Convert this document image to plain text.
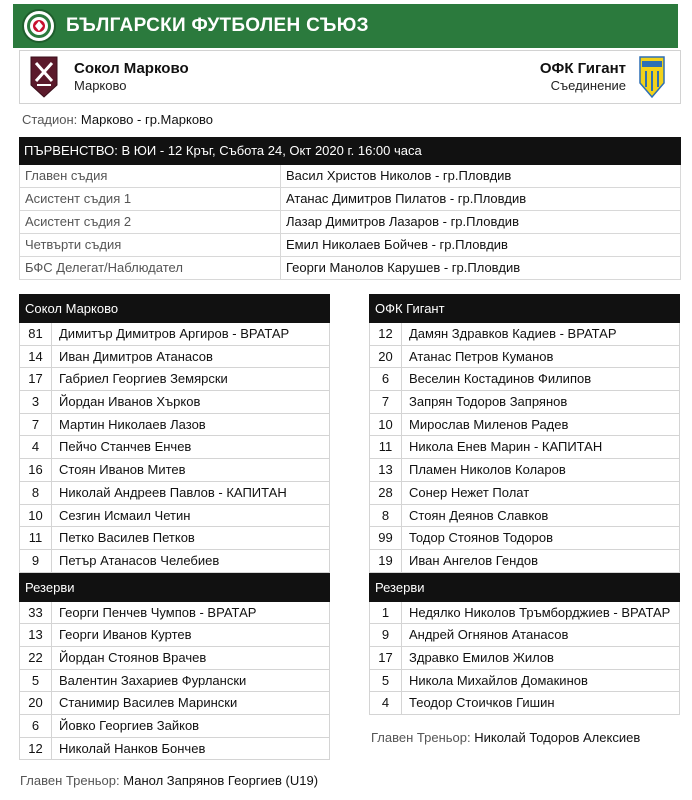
БЪЛГАРСКИ ФУТБОЛЕН СЪЮЗ
Сокол Марково
Марково
ОФК Гигант
Съединение
Стадион: Марково - гр.Марково
ПЪРВЕНСТВО: В ЮИ - 12 Кръг, Събота 24, Окт 2020 г. 16:00 часа
Главен съдия	Васил Христов Николов - гр.Пловдив
Асистент съдия 1	Атанас Димитров Пилатов - гр.Пловдив
Асистент съдия 2	Лазар Димитров Лазаров - гр.Пловдив
Четвърти съдия	Емил Николаев Бойчев - гр.Пловдив
БФС Делегат/Наблюдател	Георги Манолов Карушев - гр.Пловдив
Сокол Марково
81	Димитър Димитров Аргиров - ВРАТАР
14	Иван Димитров Атанасов
17	Габриел Георгиев Земярски
3	Йордан Иванов Хърков
7	Мартин Николаев Лазов
4	Пейчо Станчев Енчев
16	Стоян Иванов Митев
8	Николай Андреев Павлов - КАПИТАН
10	Сезгин Исмаил Четин
11	Петко Василев Петков
9	Петър Атанасов Челебиев
Резерви
33	Георги Пенчев Чумпов - ВРАТАР
13	Георги Иванов Куртев
22	Йордан Стоянов Врачев
5	Валентин Захариев Фурлански
20	Станимир Василев Марински
6	Йовко Георгиев Зайков
12	Николай Нанков Бончев
ОФК Гигант
12	Дамян Здравков Кадиев - ВРАТАР
20	Атанас Петров Куманов
6	Веселин Костадинов Филипов
7	Запрян Тодоров Запрянов
10	Мирослав Миленов Радев
11	Никола Енев Марин - КАПИТАН
13	Пламен Николов Коларов
28	Сонер Нежет Полат
8	Стоян Деянов Славков
99	Тодор Стоянов Тодоров
19	Иван Ангелов Гендов
Резерви
1	Недялко Николов Тръмборджиев - ВРАТАР
9	Андрей Огнянов Атанасов
17	Здравко Емилов Жилов
5	Никола Михайлов Домакинов
4	Теодор Стоичков Гишин
Главен Треньор: Николай Тодоров Алексиев
Главен Треньор: Манол Запрянов Георгиев (U19)
